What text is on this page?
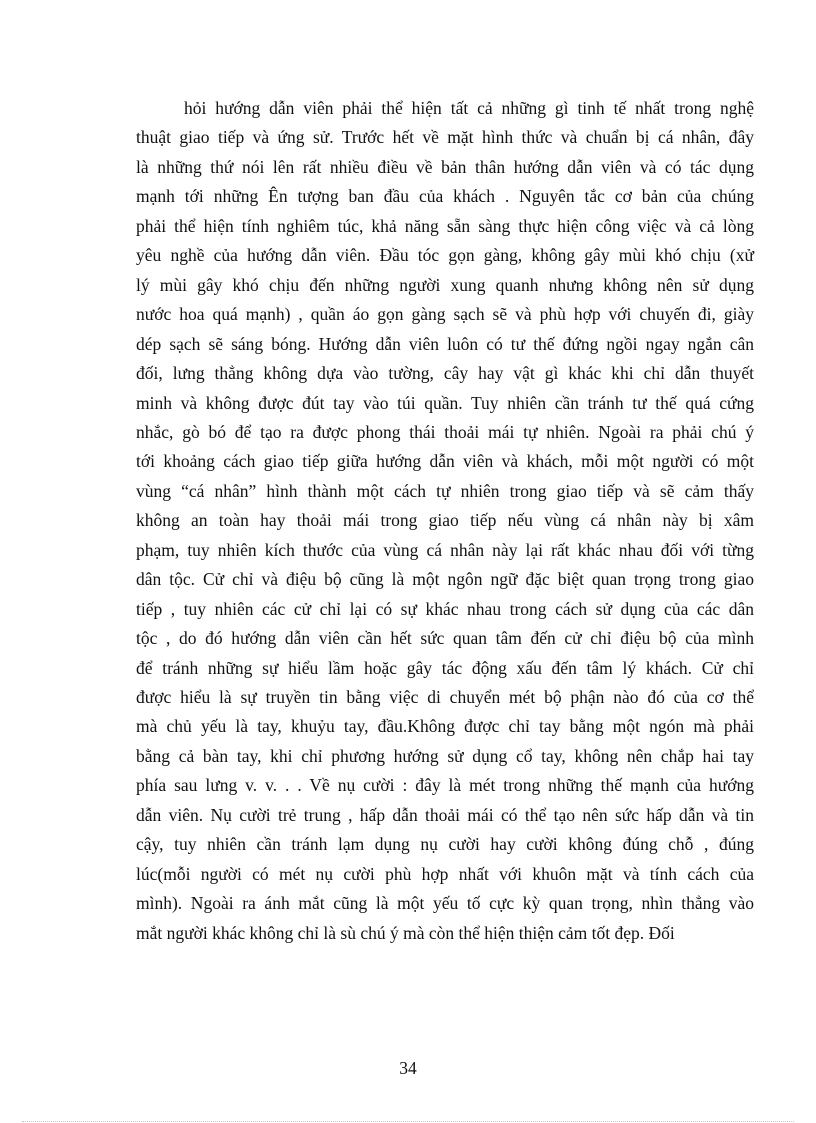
hỏi hướng dẫn viên phải thể hiện tất cả những gì tinh tế nhất trong nghệ
thuật giao tiếp và ứng sử. Trước hết về mặt hình thức và chuẩn bị cá nhân, đây
là những thứ nói lên rất nhiều điều về bản thân hướng dẫn viên và có tác dụng
mạnh tới những Ên tượng ban đầu của khách . Nguyên tắc cơ bản của chúng
phải thể hiện tính nghiêm túc, khả năng sẵn sàng thực hiện công việc và cả lòng
yêu nghề của hướng dẫn viên. Đầu tóc gọn gàng, không gây mùi khó chịu (xử
lý mùi gây khó chịu đến những người xung quanh nhưng không nên sử dụng
nước hoa quá mạnh) , quần áo gọn gàng sạch sẽ và phù hợp với chuyến đi, giày
dép sạch sẽ sáng bóng. Hướng dẫn viên luôn có tư thế đứng ngồi ngay ngắn cân
đối, lưng thẳng không dựa vào tường, cây hay vật gì khác khi chỉ dẫn thuyết
minh và không được đút tay vào túi quần. Tuy nhiên cần tránh tư thế quá cứng
nhắc, gò bó để tạo ra được phong thái thoải mái tự nhiên. Ngoài ra phải chú ý
tới khoảng cách giao tiếp giữa hướng dẫn viên và khách, mỗi một người có một
vùng “cá nhân” hình thành một cách tự nhiên trong giao tiếp và sẽ cảm thấy
không an toàn hay thoải mái trong giao tiếp nếu vùng cá nhân này bị xâm
phạm, tuy nhiên kích thước của vùng cá nhân này lại rất khác nhau đối với từng
dân tộc. Cử chỉ và điệu bộ cũng là một ngôn ngữ đặc biệt quan trọng trong giao
tiếp , tuy nhiên các cử chỉ lại có sự khác nhau trong cách sử dụng của các dân
tộc , do đó hướng dẫn viên cần hết sức quan tâm đến cử chỉ điệu bộ của mình
để tránh những sự hiểu lầm hoặc gây tác động xấu đến tâm lý khách. Cử chỉ
được hiểu là sự truyền tin bằng việc di chuyển mét bộ phận nào đó của cơ thể
mà chủ yếu là tay, khuỷu tay, đầu.Không được chỉ tay bằng một ngón mà phải
bằng cả bàn tay, khi chỉ phương hướng sử dụng cổ tay, không nên chắp hai tay
phía sau lưng v. v. . . Về nụ cười : đây là mét trong những thế mạnh của hướng
dẫn viên. Nụ cười trẻ trung , hấp dẫn thoải mái có thể tạo nên sức hấp dẫn và tin
cậy, tuy nhiên cần tránh lạm dụng nụ cười hay cười không đúng chỗ , đúng
lúc(mỗi người có mét nụ cười phù hợp nhất với khuôn mặt và tính cách của
mình). Ngoài ra ánh mắt cũng là một yếu tố cực kỳ quan trọng, nhìn thẳng vào
mắt người khác không chỉ là sù chú ý mà còn thể hiện thiện cảm tốt đẹp. Đối
34
